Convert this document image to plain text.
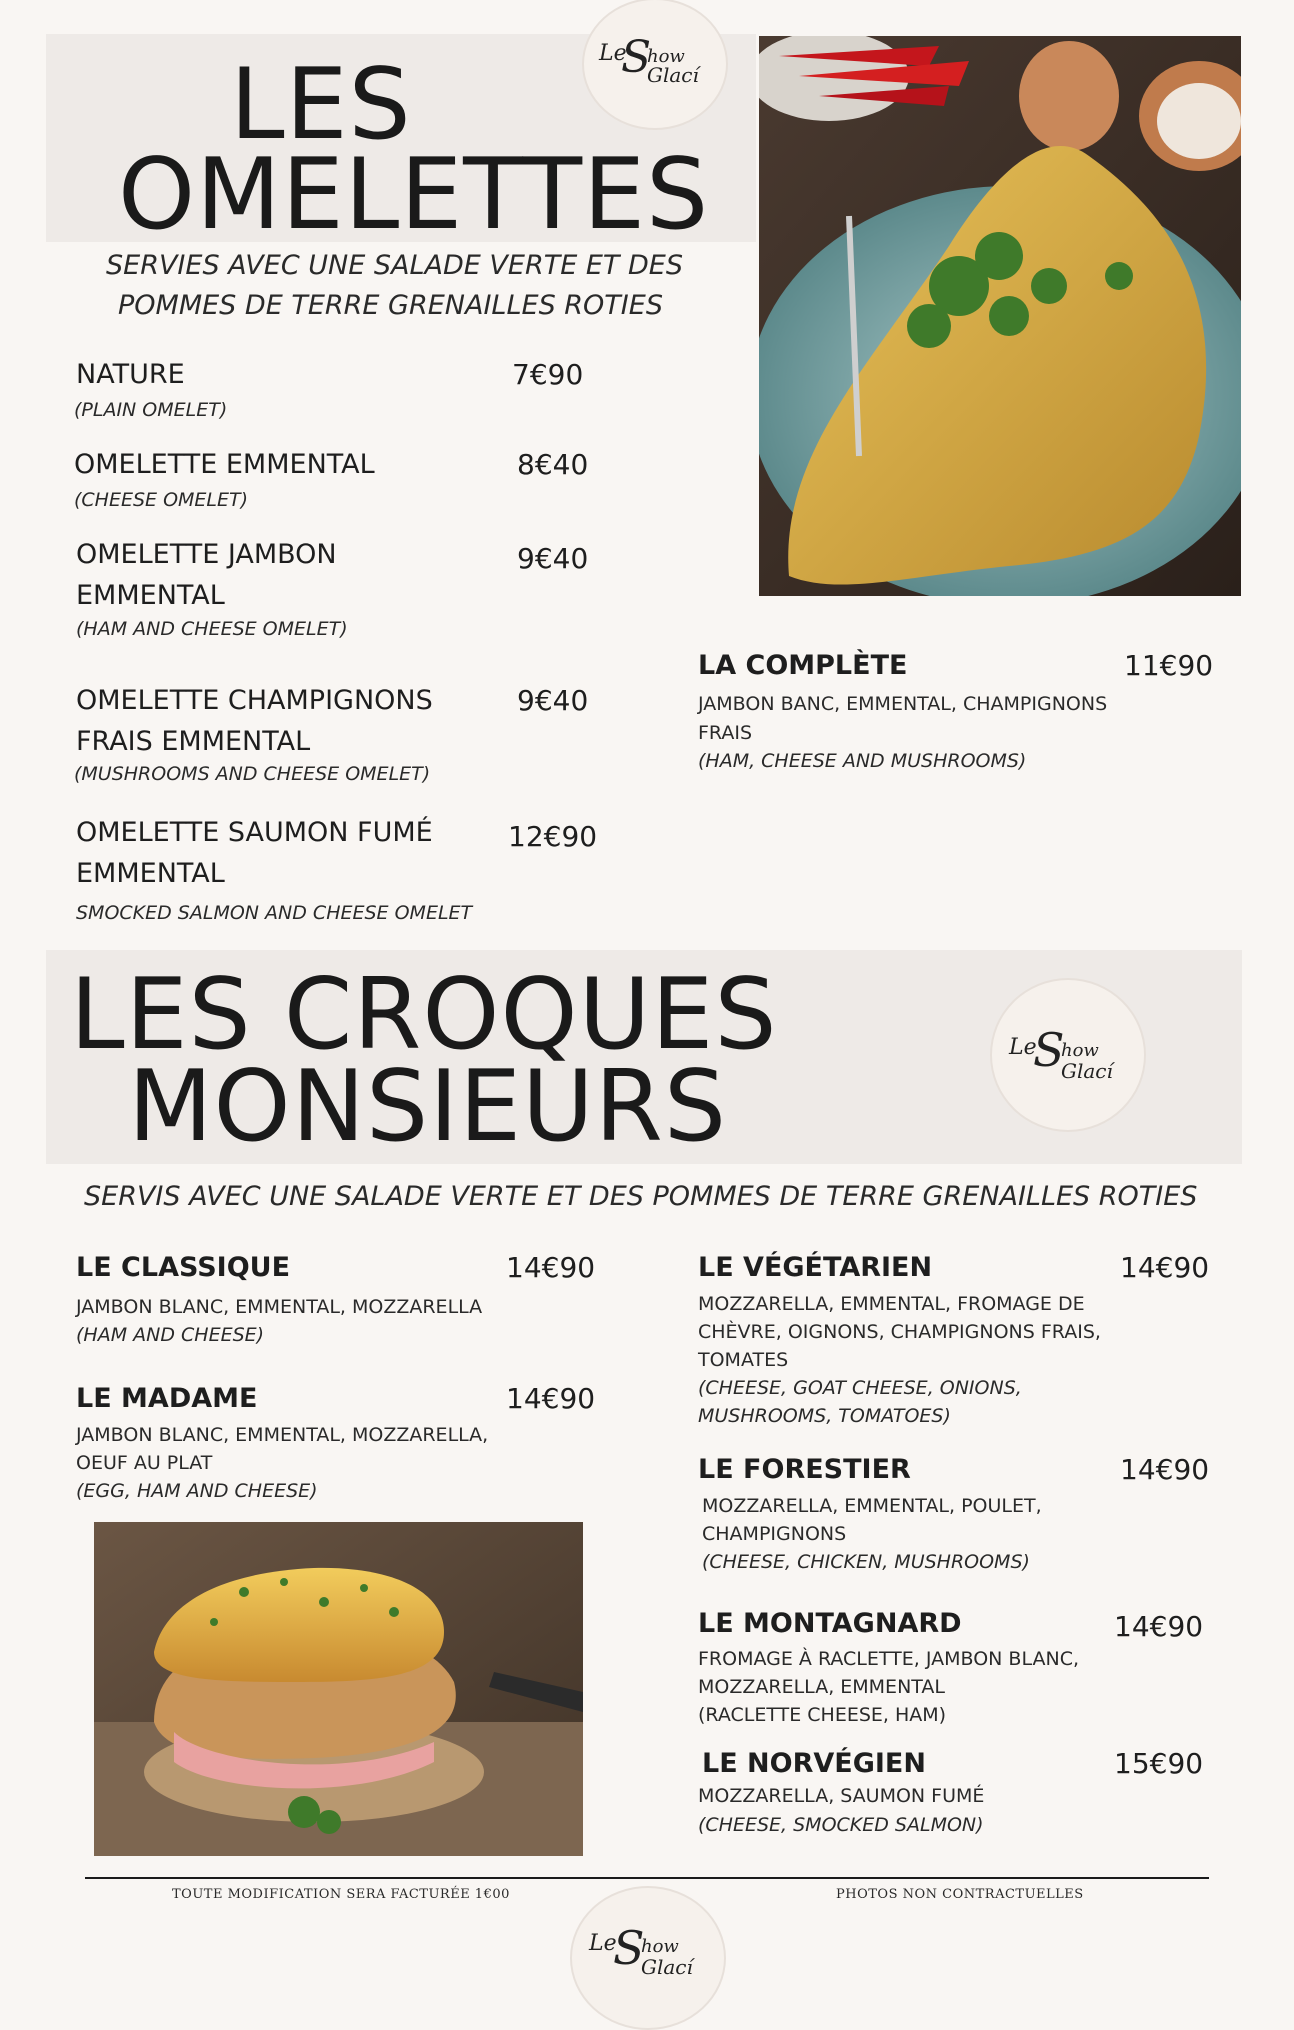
LES
OMELETTES
Le
S
how
Glací
SERVIES AVEC UNE SALADE VERTE ET DES
POMMES DE TERRE GRENAILLES ROTIES
NATURE	7€90
(PLAIN OMELET)
OMELETTE EMMENTAL	8€40
(CHEESE OMELET)
OMELETTE JAMBON
EMMENTAL
9€40
(HAM AND CHEESE OMELET)
OMELETTE CHAMPIGNONS
FRAIS EMMENTAL
9€40
(MUSHROOMS AND CHEESE OMELET)
OMELETTE SAUMON FUMÉ
EMMENTAL
12€90
SMOCKED SALMON AND CHEESE OMELET
LA COMPLÈTE	11€90
JAMBON BANC, EMMENTAL, CHAMPIGNONS
FRAIS
(HAM, CHEESE AND MUSHROOMS)
LES CROQUES
MONSIEURS
Le
S
how
Glací
SERVIS AVEC UNE SALADE VERTE ET DES POMMES DE TERRE GRENAILLES ROTIES
LE CLASSIQUE	14€90
JAMBON BLANC, EMMENTAL, MOZZARELLA
(HAM AND CHEESE)
LE MADAME	14€90
JAMBON BLANC, EMMENTAL, MOZZARELLA,
OEUF AU PLAT
(EGG, HAM AND CHEESE)
LE VÉGÉTARIEN	14€90
MOZZARELLA, EMMENTAL, FROMAGE DE
CHÈVRE, OIGNONS, CHAMPIGNONS FRAIS,
TOMATES
(CHEESE, GOAT CHEESE, ONIONS,
MUSHROOMS, TOMATOES)
LE FORESTIER	14€90
MOZZARELLA, EMMENTAL, POULET,
CHAMPIGNONS
(CHEESE, CHICKEN, MUSHROOMS)
LE MONTAGNARD	14€90
FROMAGE À RACLETTE, JAMBON BLANC,
MOZZARELLA, EMMENTAL
(RACLETTE CHEESE, HAM)
LE NORVÉGIEN	15€90
MOZZARELLA, SAUMON FUMÉ
(CHEESE, SMOCKED SALMON)
TOUTE MODIFICATION SERA FACTURÉE 1€00	PHOTOS NON CONTRACTUELLES
Le
S
how
Glací
